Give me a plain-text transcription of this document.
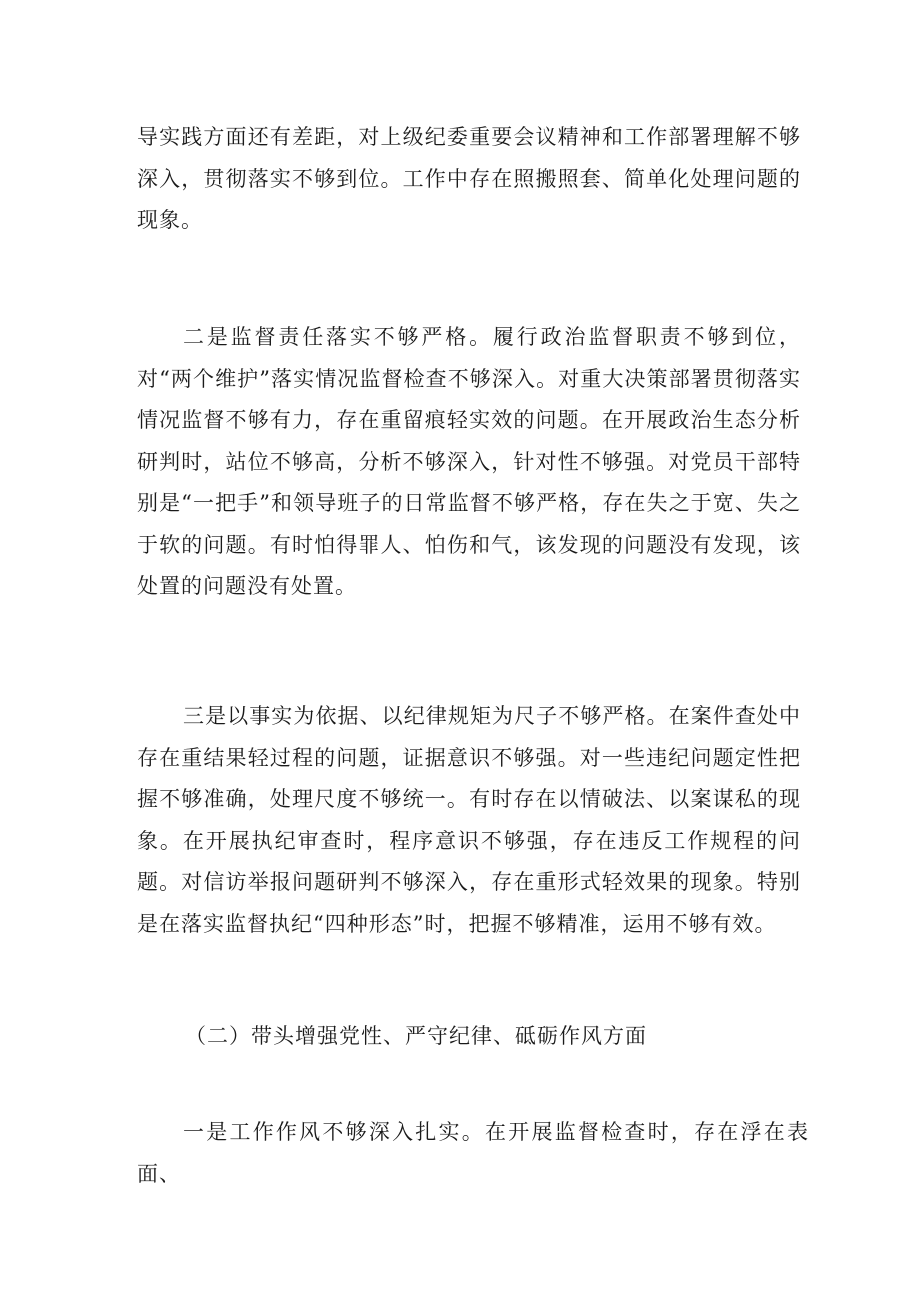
导实践方面还有差距，对上级纪委重要会议精神和工作部署理解不够深入，贯彻落实不够到位。工作中存在照搬照套、简单化处理问题的现象。

二是监督责任落实不够严格。履行政治监督职责不够到位，对“两个维护”落实情况监督检查不够深入。对重大决策部署贯彻落实情况监督不够有力，存在重留痕轻实效的问题。在开展政治生态分析研判时，站位不够高，分析不够深入，针对性不够强。对党员干部特别是“一把手”和领导班子的日常监督不够严格，存在失之于宽、失之于软的问题。有时怕得罪人、怕伤和气，该发现的问题没有发现，该处置的问题没有处置。

三是以事实为依据、以纪律规矩为尺子不够严格。在案件查处中存在重结果轻过程的问题，证据意识不够强。对一些违纪问题定性把握不够准确，处理尺度不够统一。有时存在以情破法、以案谋私的现象。在开展执纪审查时，程序意识不够强，存在违反工作规程的问题。对信访举报问题研判不够深入，存在重形式轻效果的现象。特别是在落实监督执纪“四种形态”时，把握不够精准，运用不够有效。

（二）带头增强党性、严守纪律、砥砺作风方面

一是工作作风不够深入扎实。在开展监督检查时，存在浮在表面、
